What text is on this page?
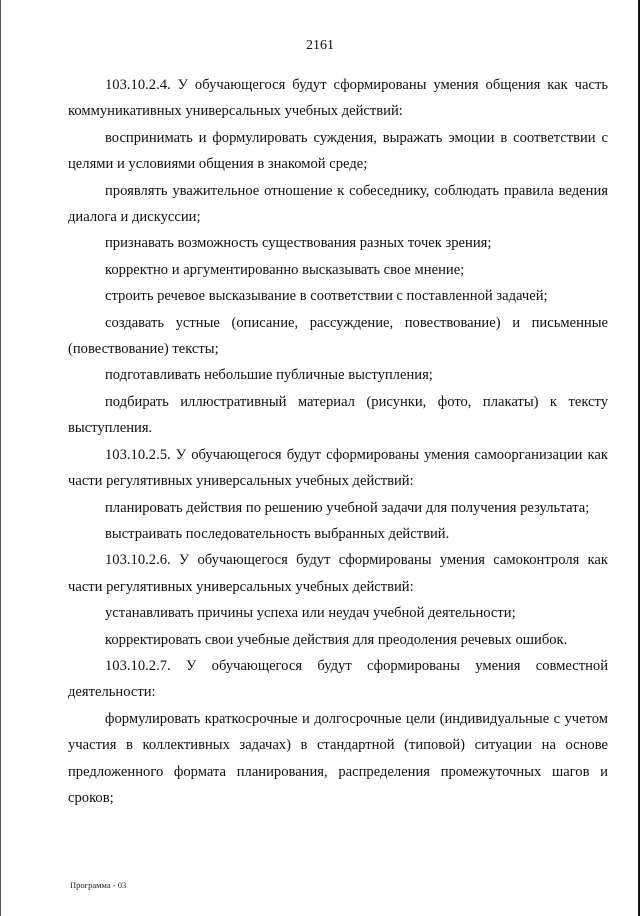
2161

103.10.2.4. У обучающегося будут сформированы умения общения как часть коммуникативных универсальных учебных действий:

воспринимать и формулировать суждения, выражать эмоции в соответствии с целями и условиями общения в знакомой среде;

проявлять уважительное отношение к собеседнику, соблюдать правила ведения диалога и дискуссии;

признавать возможность существования разных точек зрения;

корректно и аргументированно высказывать свое мнение;

строить речевое высказывание в соответствии с поставленной задачей;

создавать устные (описание, рассуждение, повествование) и письменные (повествование) тексты;

подготавливать небольшие публичные выступления;

подбирать иллюстративный материал (рисунки, фото, плакаты) к тексту выступления.

103.10.2.5. У обучающегося будут сформированы умения самоорганизации как части регулятивных универсальных учебных действий:

планировать действия по решению учебной задачи для получения результата;

выстраивать последовательность выбранных действий.

103.10.2.6. У обучающегося будут сформированы умения самоконтроля как части регулятивных универсальных учебных действий:

устанавливать причины успеха или неудач учебной деятельности;

корректировать свои учебные действия для преодоления речевых ошибок.

103.10.2.7. У обучающегося будут сформированы умения совместной деятельности:

формулировать краткосрочные и долгосрочные цели (индивидуальные с учетом участия в коллективных задачах) в стандартной (типовой) ситуации на основе предложенного формата планирования, распределения промежуточных шагов и сроков;

Программа - 03
